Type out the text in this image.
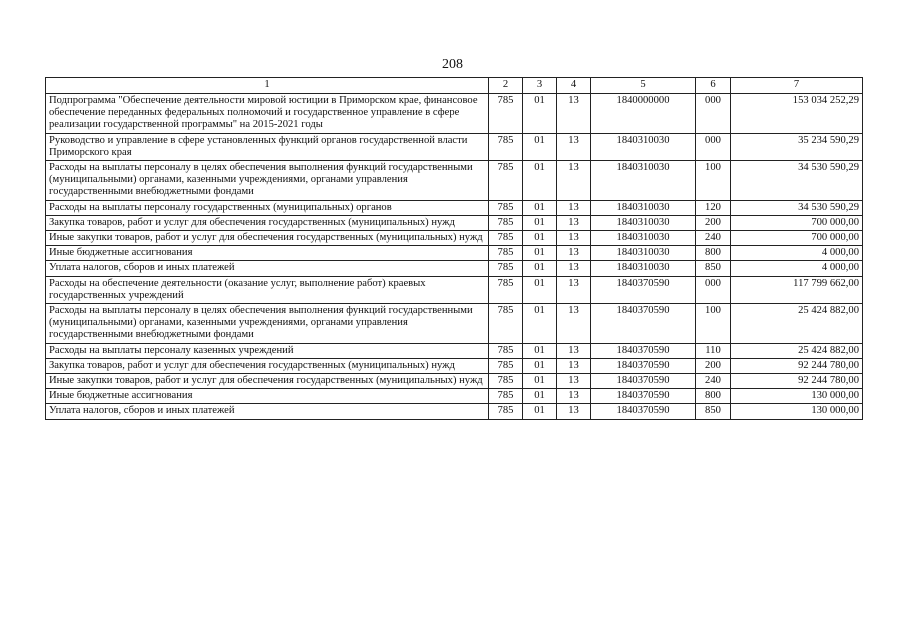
208
1	2	3	4	5	6	7
Подпрограмма "Обеспечение деятельности мировой юстиции в Приморском крае, финансовое обеспечение переданных федеральных полномочий и государственное управление в сфере реализации государственной программы" на 2015-2021 годы	785	01	13	1840000000	000	153 034 252,29
Руководство и управление в сфере установленных функций органов государственной власти Приморского края	785	01	13	1840310030	000	35 234 590,29
Расходы на выплаты персоналу в целях обеспечения выполнения функций государственными (муниципальными) органами, казенными учреждениями, органами управления государственными внебюджетными фондами	785	01	13	1840310030	100	34 530 590,29
Расходы на выплаты персоналу государственных (муниципальных) органов	785	01	13	1840310030	120	34 530 590,29
Закупка товаров, работ и услуг для обеспечения государственных (муниципальных) нужд	785	01	13	1840310030	200	700 000,00
Иные закупки товаров, работ и услуг для обеспечения государственных (муниципальных) нужд	785	01	13	1840310030	240	700 000,00
Иные бюджетные ассигнования	785	01	13	1840310030	800	4 000,00
Уплата налогов, сборов и иных платежей	785	01	13	1840310030	850	4 000,00
Расходы на обеспечение деятельности (оказание услуг, выполнение работ) краевых государственных учреждений	785	01	13	1840370590	000	117 799 662,00
Расходы на выплаты персоналу в целях обеспечения выполнения функций государственными (муниципальными) органами, казенными учреждениями, органами управления государственными внебюджетными фондами	785	01	13	1840370590	100	25 424 882,00
Расходы на выплаты персоналу казенных учреждений	785	01	13	1840370590	110	25 424 882,00
Закупка товаров, работ и услуг для обеспечения государственных (муниципальных) нужд	785	01	13	1840370590	200	92 244 780,00
Иные закупки товаров, работ и услуг для обеспечения государственных (муниципальных) нужд	785	01	13	1840370590	240	92 244 780,00
Иные бюджетные ассигнования	785	01	13	1840370590	800	130 000,00
Уплата налогов, сборов и иных платежей	785	01	13	1840370590	850	130 000,00
